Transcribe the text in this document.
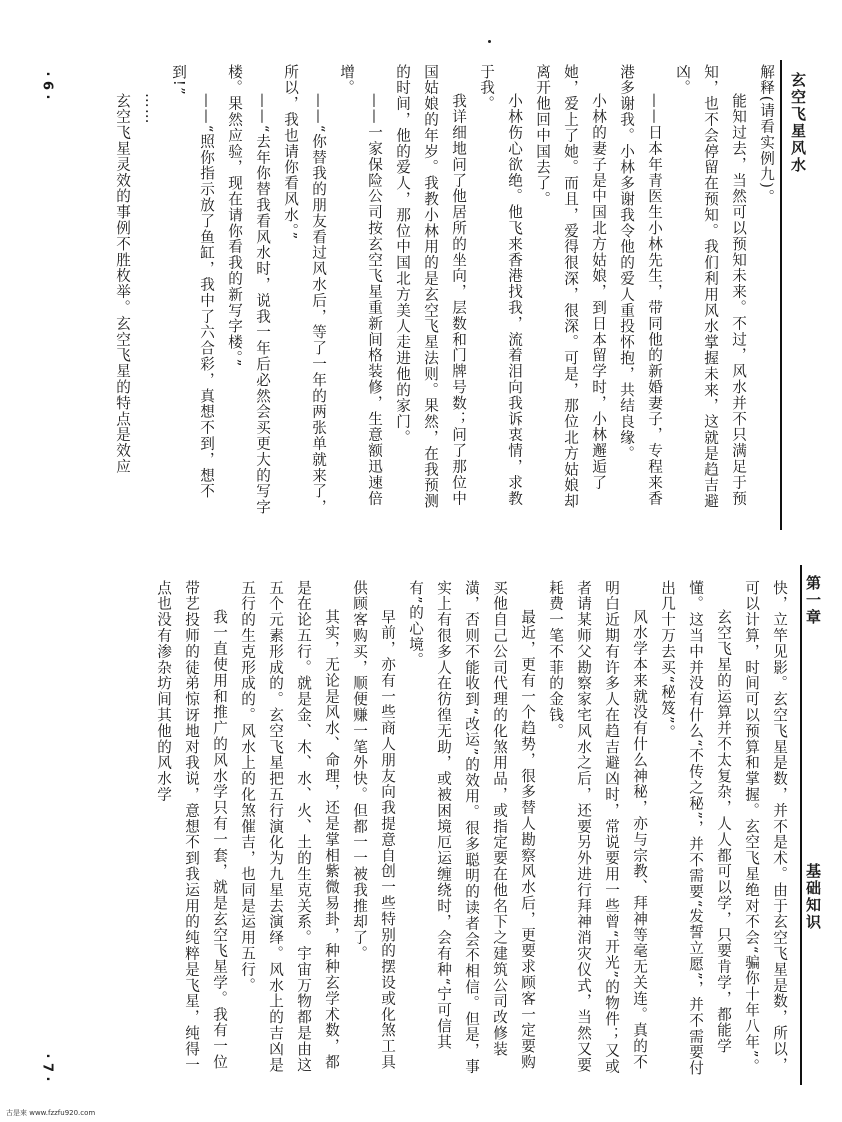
玄空飞星风水

解释(请看实例九)。

能知过去，当然可以预知未来。不过，风水并不只满足于预知，也不会停留在预知。我们利用风水掌握未来，这就是趋吉避凶。

——日本年青医生小林先生，带同他的新婚妻子，专程来香港多谢我。小林多谢我令他的爱人重投怀抱，共结良缘。

小林的妻子是中国北方姑娘，到日本留学时，小林邂逅了她，爱上了她。而且，爱得很深，很深。可是，那位北方姑娘却离开他回中国去了。

小林伤心欲绝。他飞来香港找我，流着泪向我诉衷情，求教于我。

我详细地问了他居所的坐向，层数和门牌号数；问了那位中国姑娘的年岁。我教小林用的是玄空飞星法则。果然，在我预测的时间，他的爱人，那位中国北方美人走进他的家门。

——一家保险公司按玄空飞星重新间格装修，生意额迅速倍增。

——“你替我的朋友看过风水后，等了一年的两张单就来了，所以，我也请你看风水。”

——“去年你替我看风水时，说我一年后必然会买更大的写字楼。果然应验，现在请你看我的新写字楼。”

——“照你指示放了鱼缸，我中了六合彩，真想不到，想不到!”

……

玄空飞星灵效的事例不胜枚举。玄空飞星的特点是效应

· 6 ·
第一章
基础知识

快，立竿见影。玄空飞星是数，并不是术。由于玄空飞星是数，所以，可以计算，时间可以预算和掌握。玄空飞星绝对不会“骗你十年八年”。

玄空飞星的运算并不太复杂，人人都可以学，只要肯学，都能学懂。这当中并没有什么“不传之秘”，并不需要“发誓立愿”，并不需要付出几十万去买“秘笈”。

风水学本来就没有什么神秘，亦与宗教、拜神等毫无关连。真的不明白近期有许多人在趋吉避凶时，常说要用一些曾“开光”的物件；又或者请某师父勘察家宅风水之后，还要另外进行拜神消灾仪式，当然又要耗费一笔不菲的金钱。

最近，更有一个趋势，很多替人勘察风水后，更要求顾客一定要购买他自己公司代理的化煞用品，或指定要在他名下之建筑公司改修装潢，否则不能收到“改运”的效用。很多聪明的读者会不相信。但是，事实上有很多人在彷徨无助，或被困境厄运缠绕时，会有种“宁可信其有”的心境。

早前，亦有一些商人朋友向我提意自创一些特别的摆设或化煞工具供顾客购买，顺便赚一笔外快。但都一一被我推却了。

其实，无论是风水、命理，还是掌相紫微易卦，种种玄学术数，都是在论五行。就是金、木、水、火、土的生克关系。宇宙万物都是由这五个元素形成的。玄空飞星把五行演化为九星去演绎。风水上的吉凶是五行的生克形成的。风水上的化煞催吉，也同是运用五行。

我一直使用和推广的风水学只有一套，就是玄空飞星学。我有一位带艺投师的徒弟惊讶地对我说，意想不到我运用的纯粹是飞星，纯得一点也没有渗杂坊间其他的风水学

· 7 ·
古是來 www.fzzfu920.com
